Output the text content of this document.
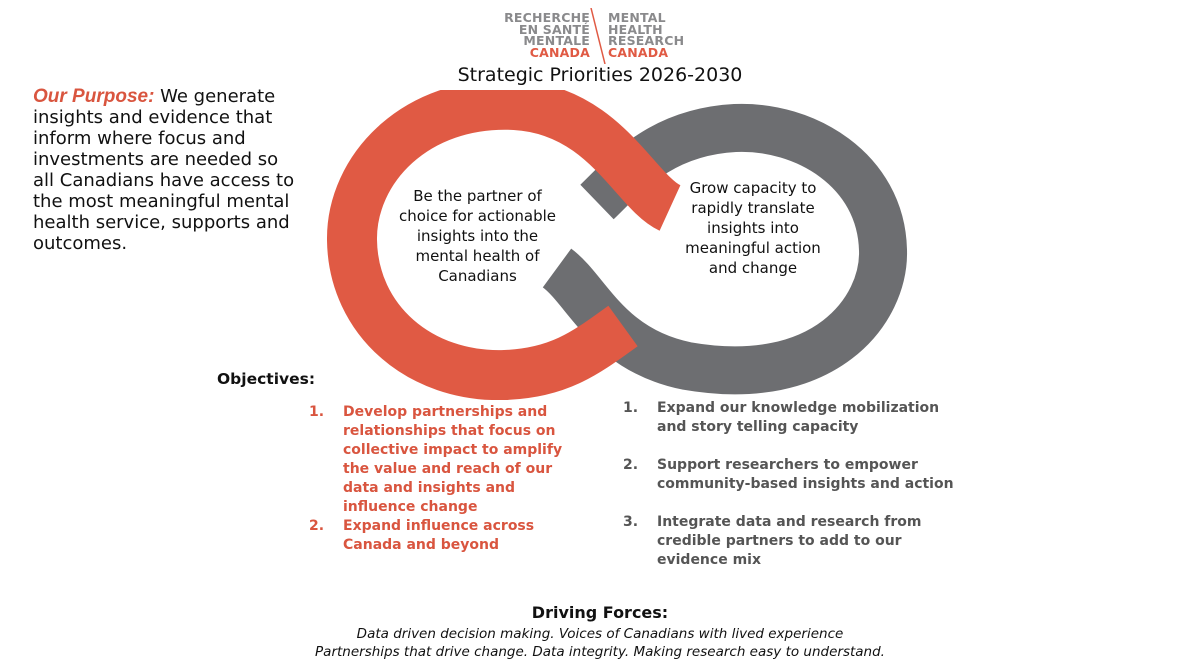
RECHERCHE
EN SANTÉ
MENTALE
CANADA
MENTAL
HEALTH
RESEARCH
CANADA
Strategic Priorities 2026-2030
Our Purpose: We generate insights and evidence that inform where focus and investments are needed so all Canadians have access to the most meaningful mental health service, supports and outcomes.
Be the partner of choice for actionable insights into the mental health of Canadians
Grow capacity to rapidly translate insights into meaningful action and change
Objectives:
1. Develop partnerships and relationships that focus on collective impact to amplify the value and reach of our data and insights and influence change
2. Expand influence across Canada and beyond
1. Expand our knowledge mobilization and story telling capacity
2. Support researchers to empower community-based insights and action
3. Integrate data and research from credible partners to add to our evidence mix
Driving Forces:
Data driven decision making. Voices of Canadians with lived experience
Partnerships that drive change. Data integrity. Making research easy to understand.
